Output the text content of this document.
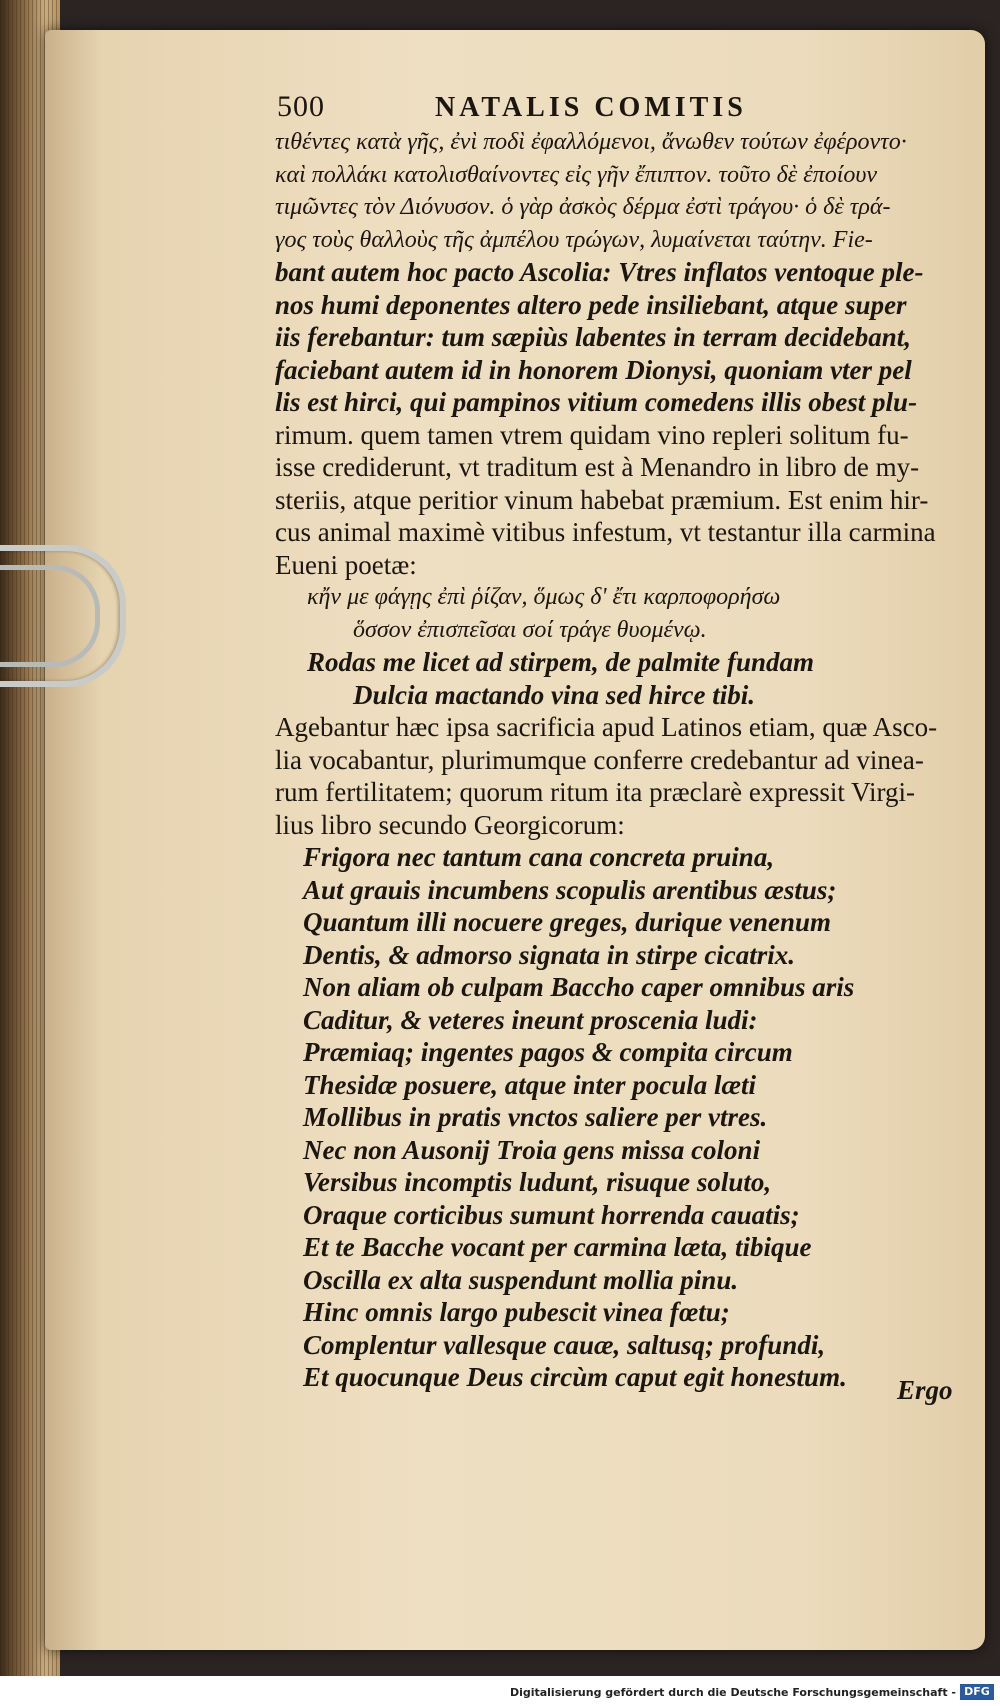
500	NATALIS COMITIS
τιθέντες κατὰ γῆς, ἐνὶ ποδὶ ἐφαλλόμενοι, ἄνωθεν τούτων ἐφέροντο·
καὶ πολλάκι κατολισθαίνοντες εἰς γῆν ἔπιπτον. τοῦτο δὲ ἐποίουν
τιμῶντες τὸν Διόνυσον. ὁ γὰρ ἀσκὸς δέρμα ἐστὶ τράγου· ὁ δὲ τρά-
γος τοὺς θαλλοὺς τῆς ἀμπέλου τρώγων, λυμαίνεται ταύτην. Fie-
bant autem hoc pacto Ascolia: Vtres inflatos ventoque ple-
nos humi deponentes altero pede insiliebant, atque super
iis ferebantur: tum sæpiùs labentes in terram decidebant,
faciebant autem id in honorem Dionysi, quoniam vter pel
lis est hirci, qui pampinos vitium comedens illis obest plu-
rimum. quem tamen vtrem quidam vino repleri solitum fu-
isse crediderunt, vt traditum est à Menandro in libro de my-
steriis, atque peritior vinum habebat præmium. Est enim hir-
cus animal maximè vitibus infestum, vt testantur illa carmina
Eueni poetæ:
κἤν με φάγῃς ἐπὶ ῥίζαν, ὅμως δ' ἔτι καρποφορήσω
ὅσσον ἐπισπεῖσαι σοί τράγε θυομένῳ.
Rodas me licet ad stirpem, de palmite fundam
Dulcia mactando vina sed hirce tibi.
Agebantur hæc ipsa sacrificia apud Latinos etiam, quæ Asco-
lia vocabantur, plurimumque conferre credebantur ad vinea-
rum fertilitatem; quorum ritum ita præclarè expressit Virgi-
lius libro secundo Georgicorum:
Frigora nec tantum cana concreta pruina,
Aut grauis incumbens scopulis arentibus æstus;
Quantum illi nocuere greges, durique venenum
Dentis, & admorso signata in stirpe cicatrix.
Non aliam ob culpam Baccho caper omnibus aris
Caditur, & veteres ineunt proscenia ludi:
Præmiaq; ingentes pagos & compita circum
Thesidæ posuere, atque inter pocula læti
Mollibus in pratis vnctos saliere per vtres.
Nec non Ausonij Troia gens missa coloni
Versibus incomptis ludunt, risuque soluto,
Oraque corticibus sumunt horrenda cauatis;
Et te Bacche vocant per carmina læta, tibique
Oscilla ex alta suspendunt mollia pinu.
Hinc omnis largo pubescit vinea fœtu;
Complentur vallesque cauæ, saltusq; profundi,
Et quocunque Deus circùm caput egit honestum.	Ergo
Digitalisierung gefördert durch die Deutsche Forschungsgemeinschaft - DFG
